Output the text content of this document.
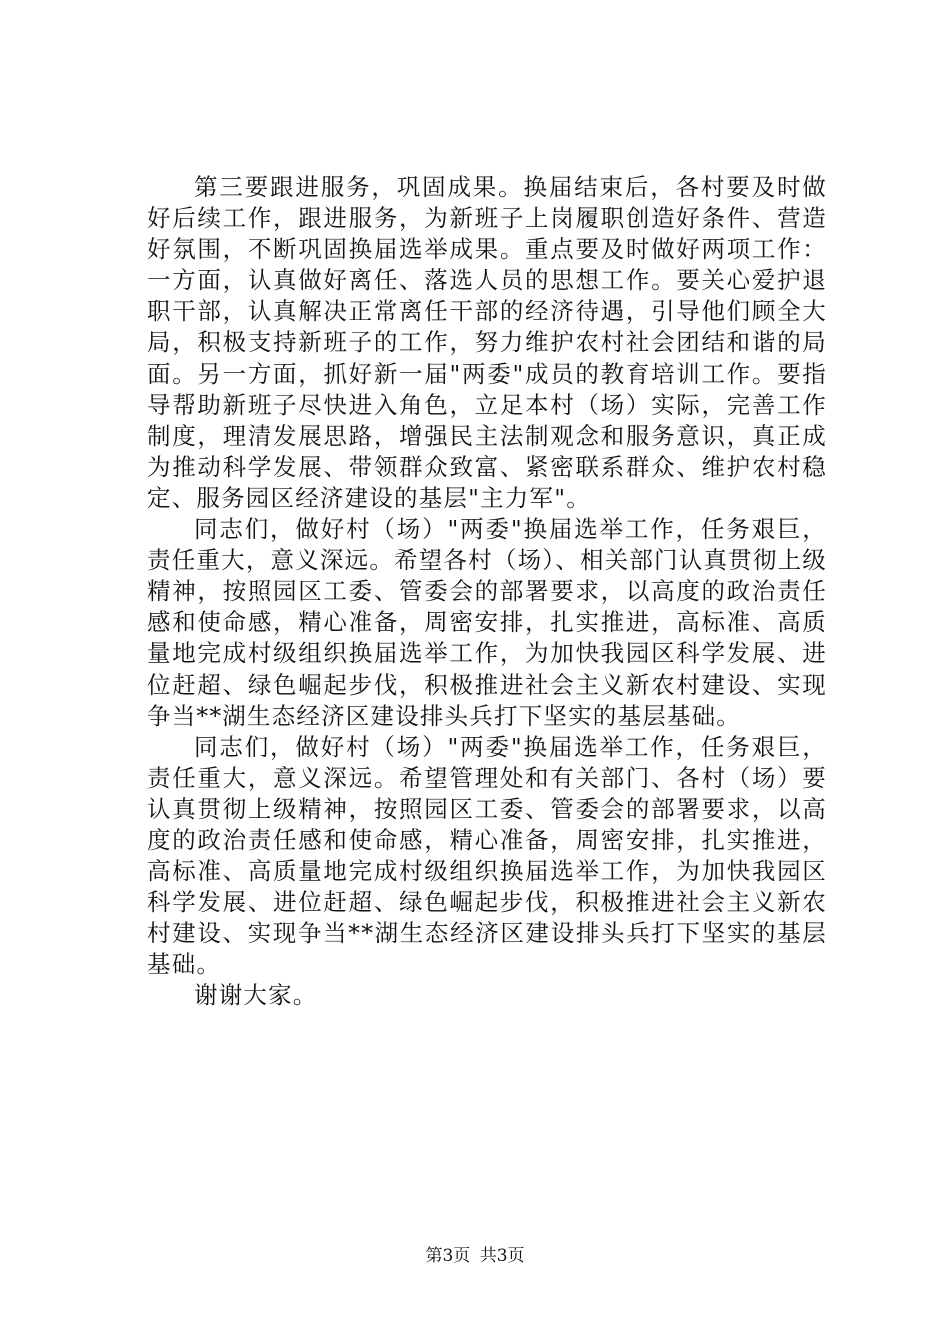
第三要跟进服务，巩固成果。换届结束后，各村要及时做好后续工作，跟进服务，为新班子上岗履职创造好条件、营造好氛围，不断巩固换届选举成果。重点要及时做好两项工作：一方面，认真做好离任、落选人员的思想工作。要关心爱护退职干部，认真解决正常离任干部的经济待遇，引导他们顾全大局，积极支持新班子的工作，努力维护农村社会团结和谐的局面。另一方面，抓好新一届"两委"成员的教育培训工作。要指导帮助新班子尽快进入角色，立足本村（场）实际，完善工作制度，理清发展思路，增强民主法制观念和服务意识，真正成为推动科学发展、带领群众致富、紧密联系群众、维护农村稳定、服务园区经济建设的基层"主力军"。

同志们，做好村（场）"两委"换届选举工作，任务艰巨，责任重大，意义深远。希望各村（场）、相关部门认真贯彻上级精神，按照园区工委、管委会的部署要求，以高度的政治责任感和使命感，精心准备，周密安排，扎实推进，高标准、高质量地完成村级组织换届选举工作，为加快我园区科学发展、进位赶超、绿色崛起步伐，积极推进社会主义新农村建设、实现争当**湖生态经济区建设排头兵打下坚实的基层基础。

同志们，做好村（场）"两委"换届选举工作，任务艰巨，责任重大，意义深远。希望管理处和有关部门、各村（场）要认真贯彻上级精神，按照园区工委、管委会的部署要求，以高度的政治责任感和使命感，精心准备，周密安排，扎实推进，高标准、高质量地完成村级组织换届选举工作，为加快我园区科学发展、进位赶超、绿色崛起步伐，积极推进社会主义新农村建设、实现争当**湖生态经济区建设排头兵打下坚实的基层基础。

谢谢大家。

第3页 共3页
